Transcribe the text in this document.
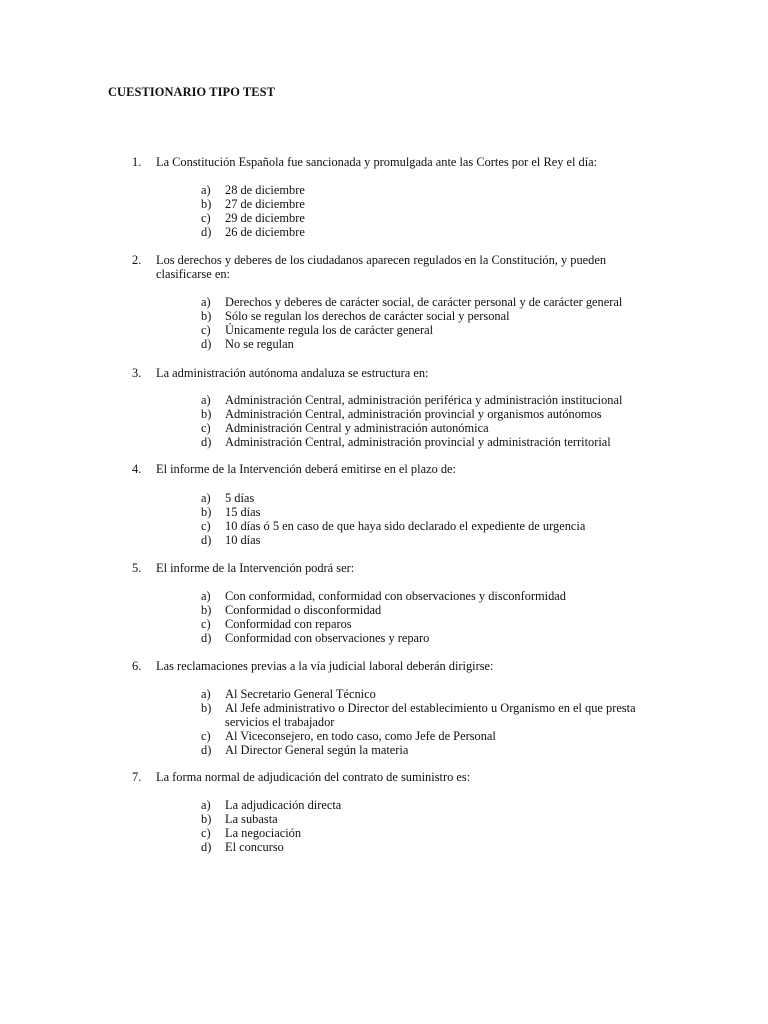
CUESTIONARIO TIPO TEST
1.	La Constitución Española fue sancionada y promulgada ante las Cortes por el Rey el día:
a) 28 de diciembre
b) 27 de diciembre
c) 29 de diciembre
d) 26 de diciembre
2.	Los derechos y deberes de los ciudadanos aparecen regulados en la Constitución, y pueden clasificarse en:
a) Derechos y deberes de carácter social, de carácter personal y de carácter general
b) Sólo se regulan los derechos de carácter social y personal
c) Únicamente regula los de carácter general
d) No se regulan
3.	La administración autónoma andaluza se estructura en:
a) Administración Central, administración periférica y administración institucional
b) Administración Central, administración provincial y organismos autónomos
c) Administración Central y administración autonómica
d) Administración Central, administración provincial y administración territorial
4.	El informe de la Intervención deberá emitirse en el plazo de:
a) 5 días
b) 15 días
c) 10 días ó 5 en caso de que haya sido declarado el expediente de urgencia
d) 10 días
5.	El informe de la Intervención podrá ser:
a) Con conformidad, conformidad con observaciones y disconformidad
b) Conformidad o disconformidad
c) Conformidad con reparos
d) Conformidad con observaciones y reparo
6.	Las reclamaciones previas a la vía judicial laboral deberán dirigirse:
a) Al Secretario General Técnico
b) Al Jefe administrativo o Director del establecimiento u Organismo en el que presta servicios el trabajador
c) Al Viceconsejero, en todo caso, como Jefe de Personal
d) Al Director General según la materia
7.	La forma normal de adjudicación del contrato de suministro es:
a) La adjudicación directa
b) La subasta
c) La negociación
d) El concurso
